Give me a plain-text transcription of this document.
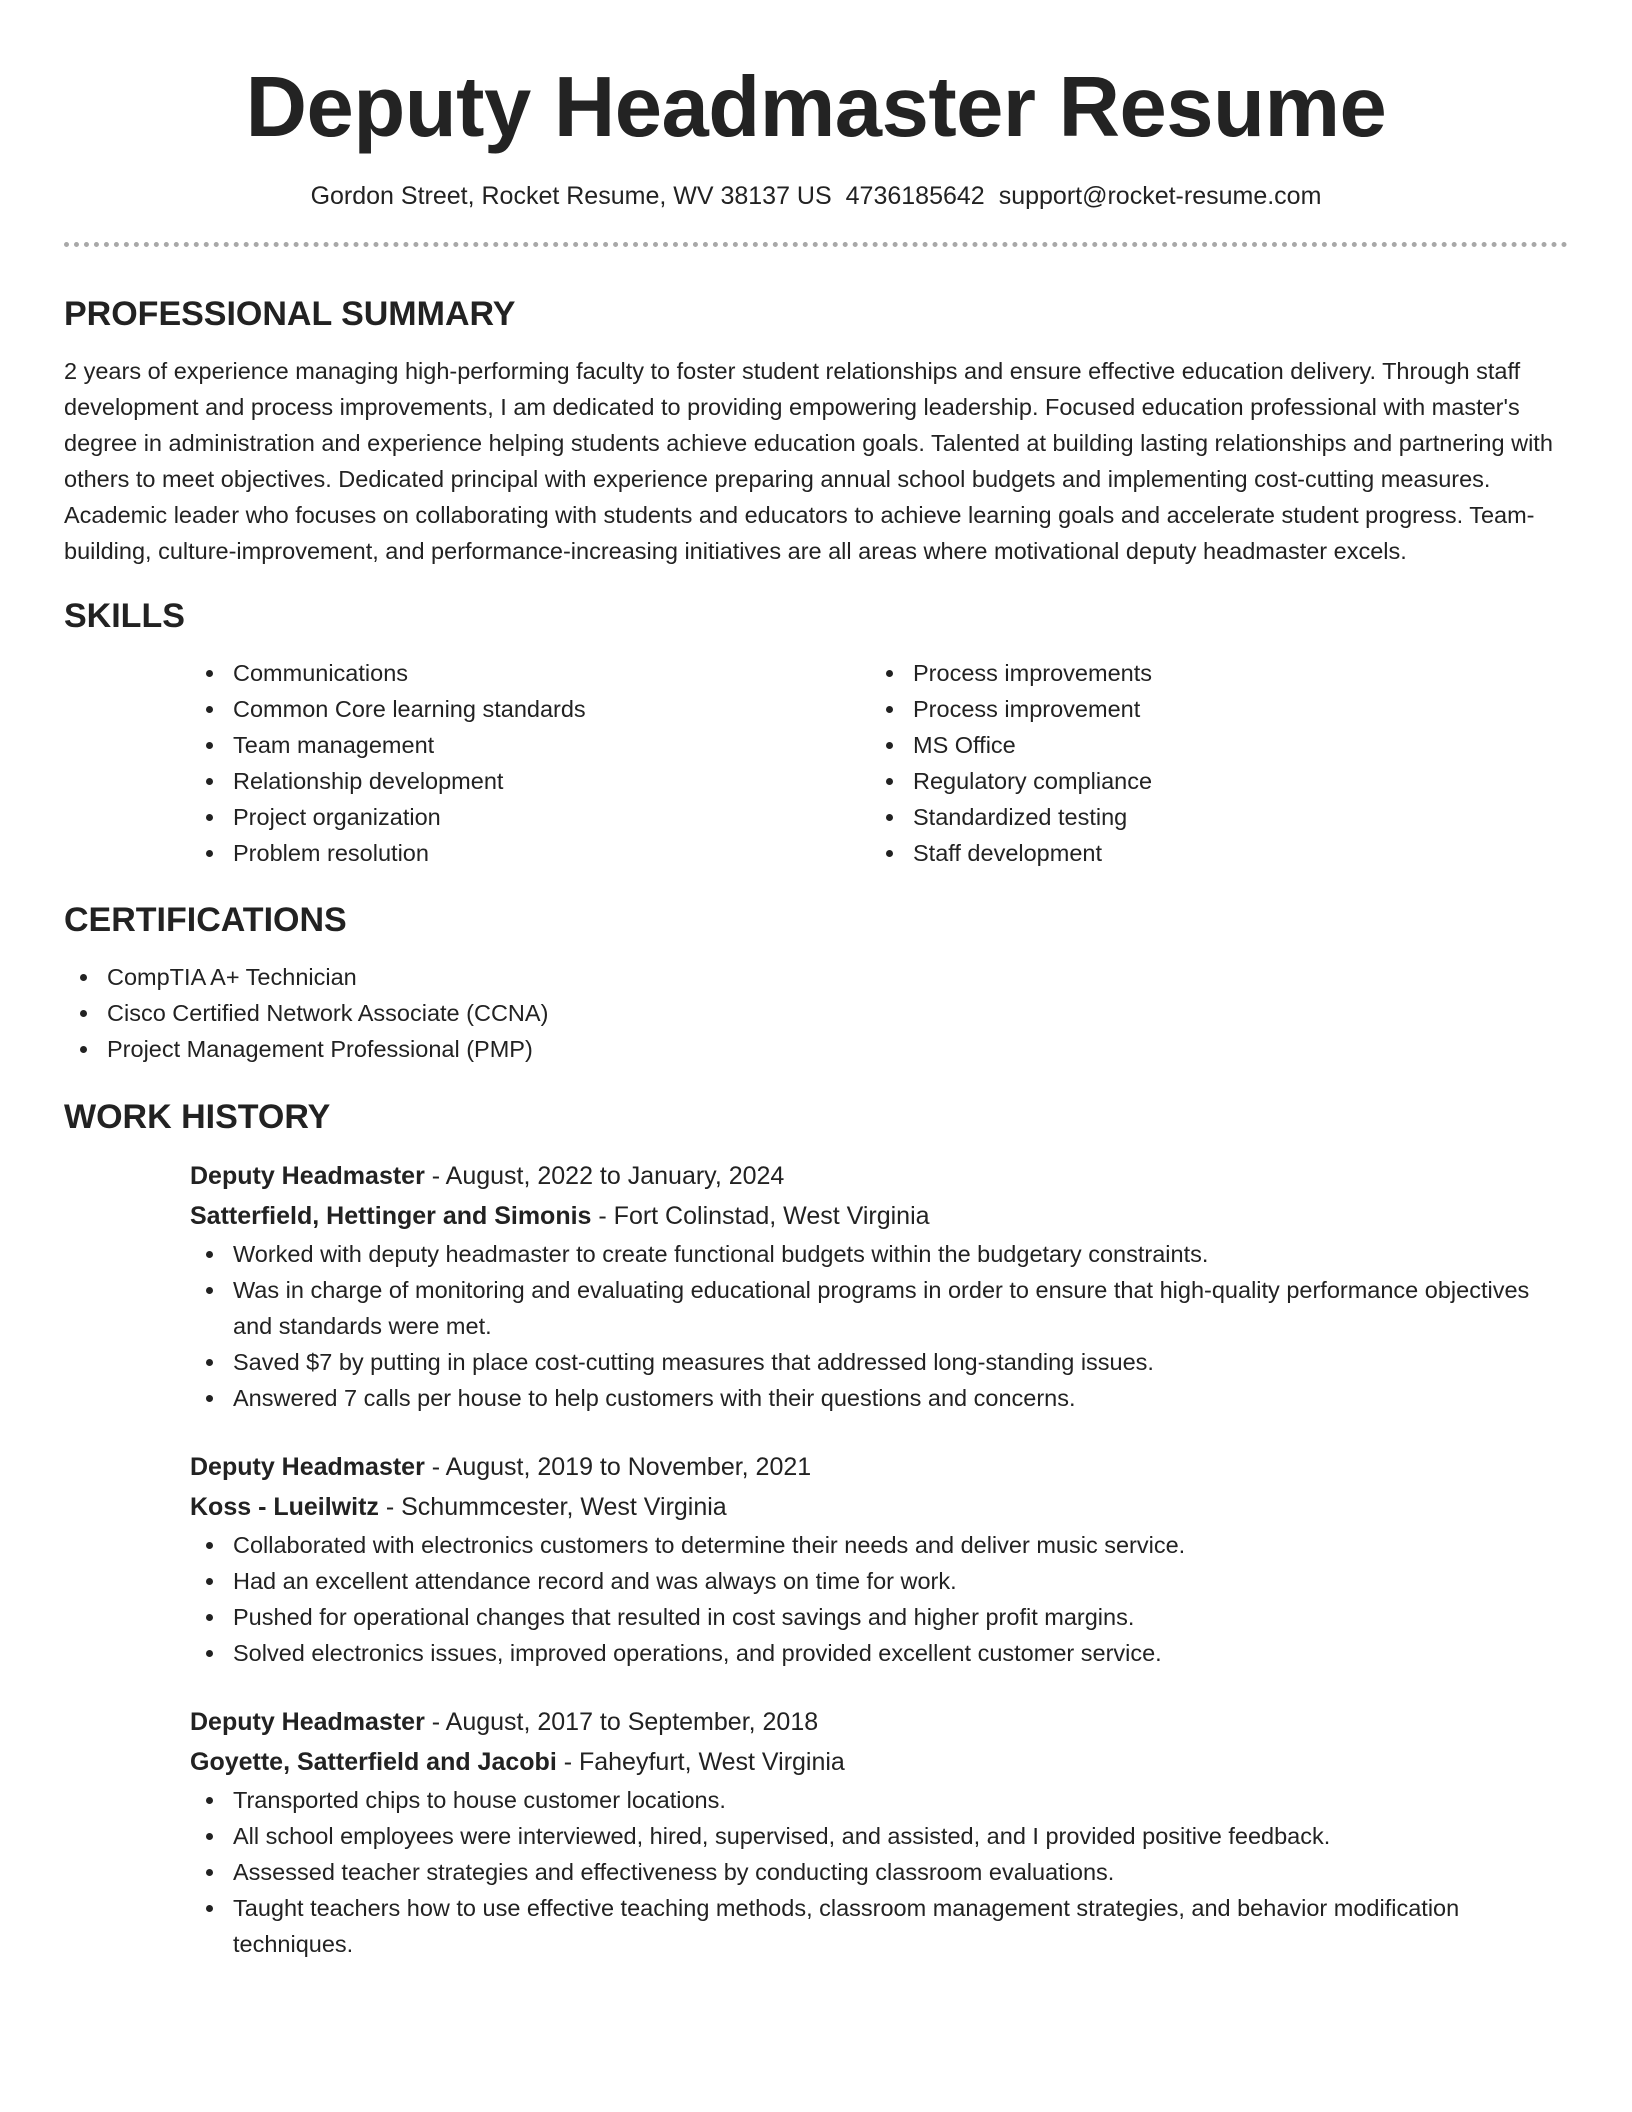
Deputy Headmaster Resume
Gordon Street, Rocket Resume, WV 38137 US 4736185642 support@rocket-resume.com
PROFESSIONAL SUMMARY

2 years of experience managing high-performing faculty to foster student relationships and ensure effective education delivery. Through staff development and process improvements, I am dedicated to providing empowering leadership. Focused education professional with master's degree in administration and experience helping students achieve education goals. Talented at building lasting relationships and partnering with others to meet objectives. Dedicated principal with experience preparing annual school budgets and implementing cost-cutting measures. Academic leader who focuses on collaborating with students and educators to achieve learning goals and accelerate student progress. Team-building, culture-improvement, and performance-increasing initiatives are all areas where motivational deputy headmaster excels.

SKILLS
Communications
Common Core learning standards
Team management
Relationship development
Project organization
Problem resolution
Process improvements
Process improvement
MS Office
Regulatory compliance
Standardized testing
Staff development
CERTIFICATIONS
CompTIA A+ Technician
Cisco Certified Network Associate (CCNA)
Project Management Professional (PMP)
WORK HISTORY
Deputy Headmaster - August, 2022 to January, 2024
Satterfield, Hettinger and Simonis - Fort Colinstad, West Virginia
Worked with deputy headmaster to create functional budgets within the budgetary constraints.
Was in charge of monitoring and evaluating educational programs in order to ensure that high-quality performance objectives and standards were met.
Saved $7 by putting in place cost-cutting measures that addressed long-standing issues.
Answered 7 calls per house to help customers with their questions and concerns.
Deputy Headmaster - August, 2019 to November, 2021
Koss - Lueilwitz - Schummcester, West Virginia
Collaborated with electronics customers to determine their needs and deliver music service.
Had an excellent attendance record and was always on time for work.
Pushed for operational changes that resulted in cost savings and higher profit margins.
Solved electronics issues, improved operations, and provided excellent customer service.
Deputy Headmaster - August, 2017 to September, 2018
Goyette, Satterfield and Jacobi - Faheyfurt, West Virginia
Transported chips to house customer locations.
All school employees were interviewed, hired, supervised, and assisted, and I provided positive feedback.
Assessed teacher strategies and effectiveness by conducting classroom evaluations.
Taught teachers how to use effective teaching methods, classroom management strategies, and behavior modification techniques.
